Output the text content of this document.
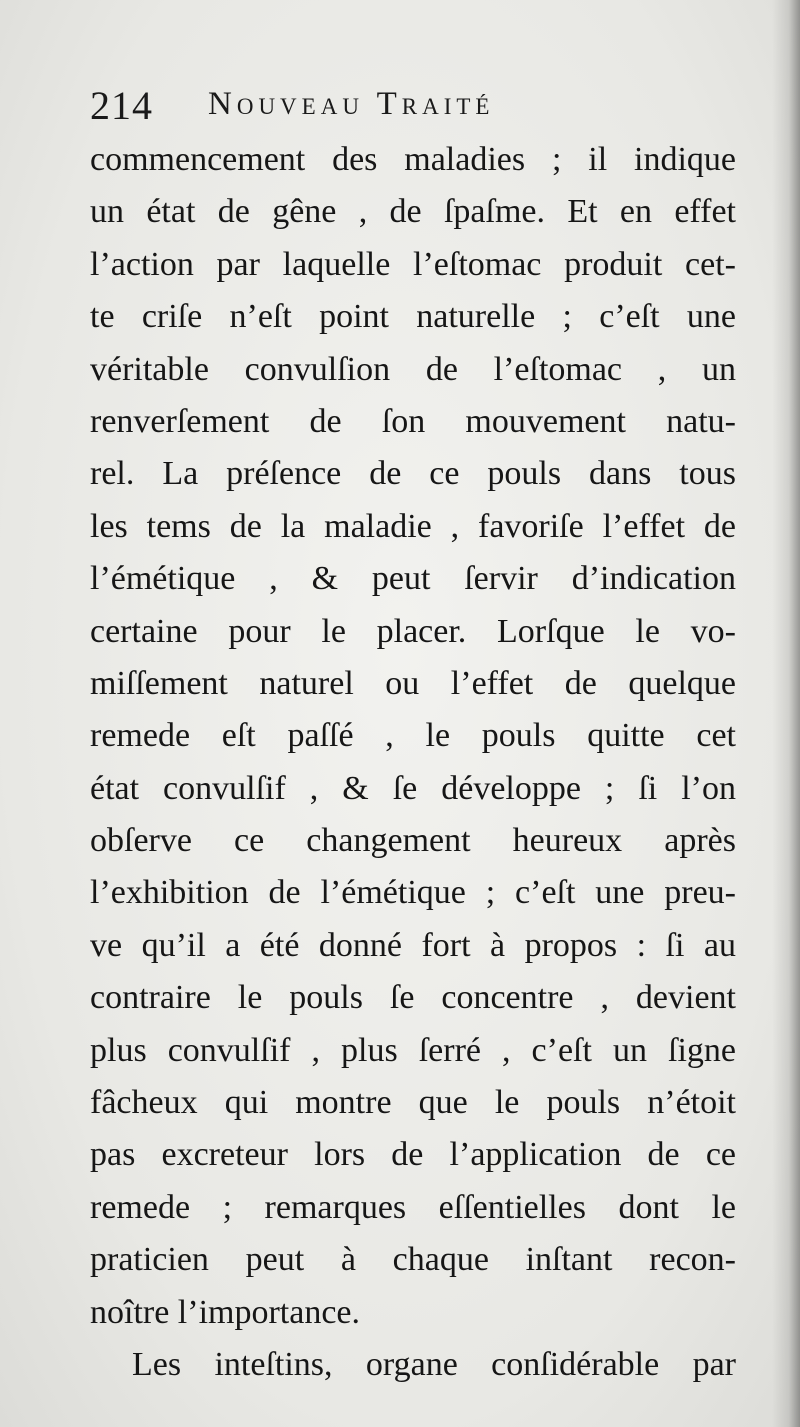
214 Nouveau Traité
commencement des maladies ; il indique
un état de gêne , de ſpaſme. Et en effet
l’action par laquelle l’eſtomac produit cet-
te criſe n’eſt point naturelle ; c’eſt une
véritable convulſion de l’eſtomac , un
renverſement de ſon mouvement natu-
rel. La préſence de ce pouls dans tous
les tems de la maladie , favoriſe l’effet de
l’émétique , & peut ſervir d’indication
certaine pour le placer. Lorſque le vo-
miſſement naturel ou l’effet de quelque
remede eſt paſſé , le pouls quitte cet
état convulſif , & ſe développe ; ſi l’on
obſerve ce changement heureux après
l’exhibition de l’émétique ; c’eſt une preu-
ve qu’il a été donné fort à propos : ſi au
contraire le pouls ſe concentre , devient
plus convulſif , plus ſerré , c’eſt un ſigne
fâcheux qui montre que le pouls n’étoit
pas excreteur lors de l’application de ce
remede ; remarques eſſentielles dont le
praticien peut à chaque inſtant recon-
noître l’importance.
Les inteſtins, organe conſidérable par
